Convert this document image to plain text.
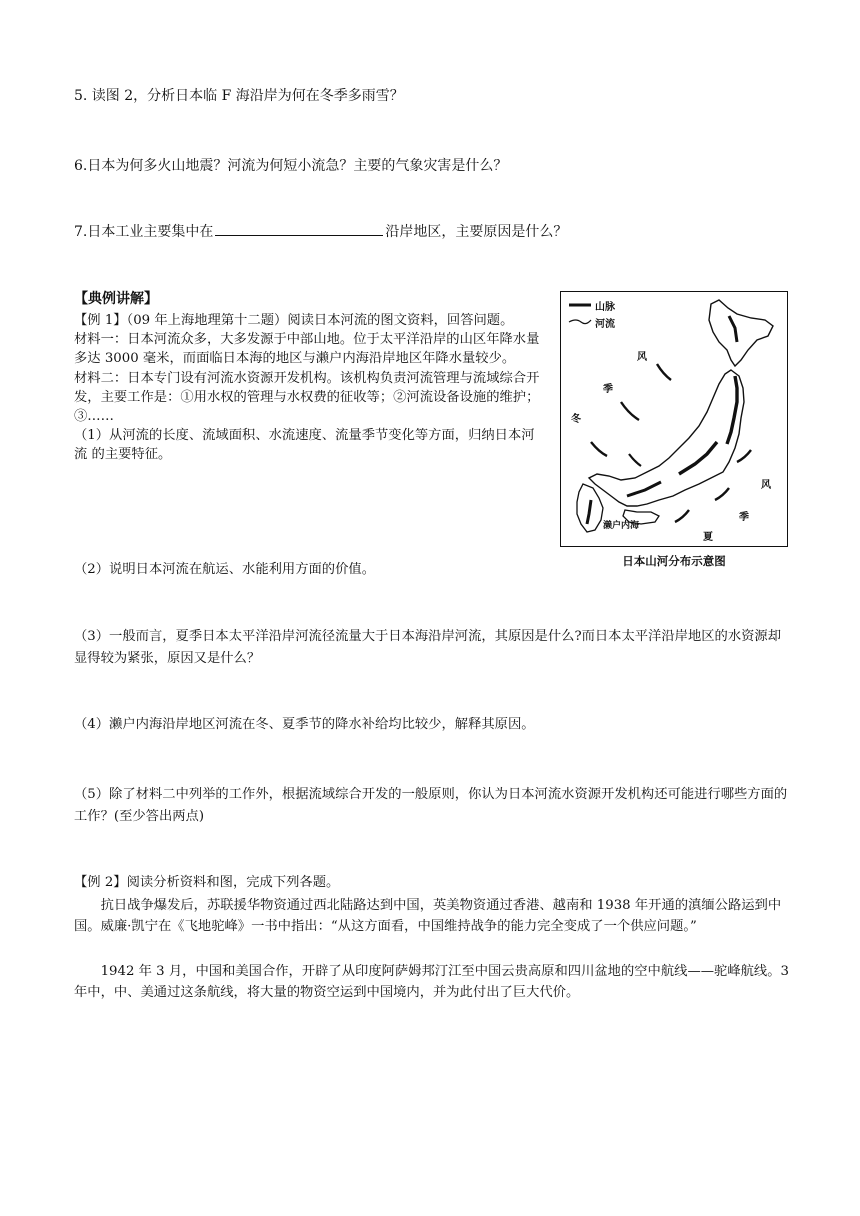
5. 读图 2，分析日本临 F 海沿岸为何在冬季多雨雪？
6.日本为何多火山地震？河流为何短小流急？主要的气象灾害是什么？
7.日本工业主要集中在	沿岸地区，主要原因是什么？
【典例讲解】
【例 1】（09 年上海地理第十二题）阅读日本河流的图文资料，回答问题。
材料一：日本河流众多，大多发源于中部山地。位于太平洋沿岸的山区年降水量多达 3000 毫米，而面临日本海的地区与濑户内海沿岸地区年降水量较少。
材料二：日本专门设有河流水资源开发机构。该机构负责河流管理与流域综合开发，主要工作是：①用水权的管理与水权费的征收等；②河流设备设施的维护；③……
（1）从河流的长度、流域面积、水流速度、流量季节变化等方面，归纳日本河流 的主要特征。
（2）说明日本河流在航运、水能利用方面的价值。
（3）一般而言，夏季日本太平洋沿岸河流径流量大于日本海沿岸河流，其原因是什么?而日本太平洋沿岸地区的水资源却显得较为紧张，原因又是什么？
（4）濑户内海沿岸地区河流在冬、夏季节的降水补给均比较少，解释其原因。
（5）除了材料二中列举的工作外，根据流域综合开发的一般原则，你认为日本河流水资源开发机构还可能进行哪些方面的工作？(至少答出两点)
【例 2】阅读分析资料和图，完成下列各题。
抗日战争爆发后，苏联援华物资通过西北陆路达到中国，英美物资通过香港、越南和 1938 年开通的滇缅公路运到中国。威廉·凯宁在《飞地驼峰》一书中指出：“从这方面看，中国维持战争的能力完全变成了一个供应问题。”
1942 年 3 月，中国和美国合作，开辟了从印度阿萨姆邦汀江至中国云贵高原和四川盆地的空中航线——驼峰航线。3 年中，中、美通过这条航线，将大量的物资空运到中国境内，并为此付出了巨大代价。
山脉
河流
风
季
冬
风
季
夏
濑户内海
日本山河分布示意图
